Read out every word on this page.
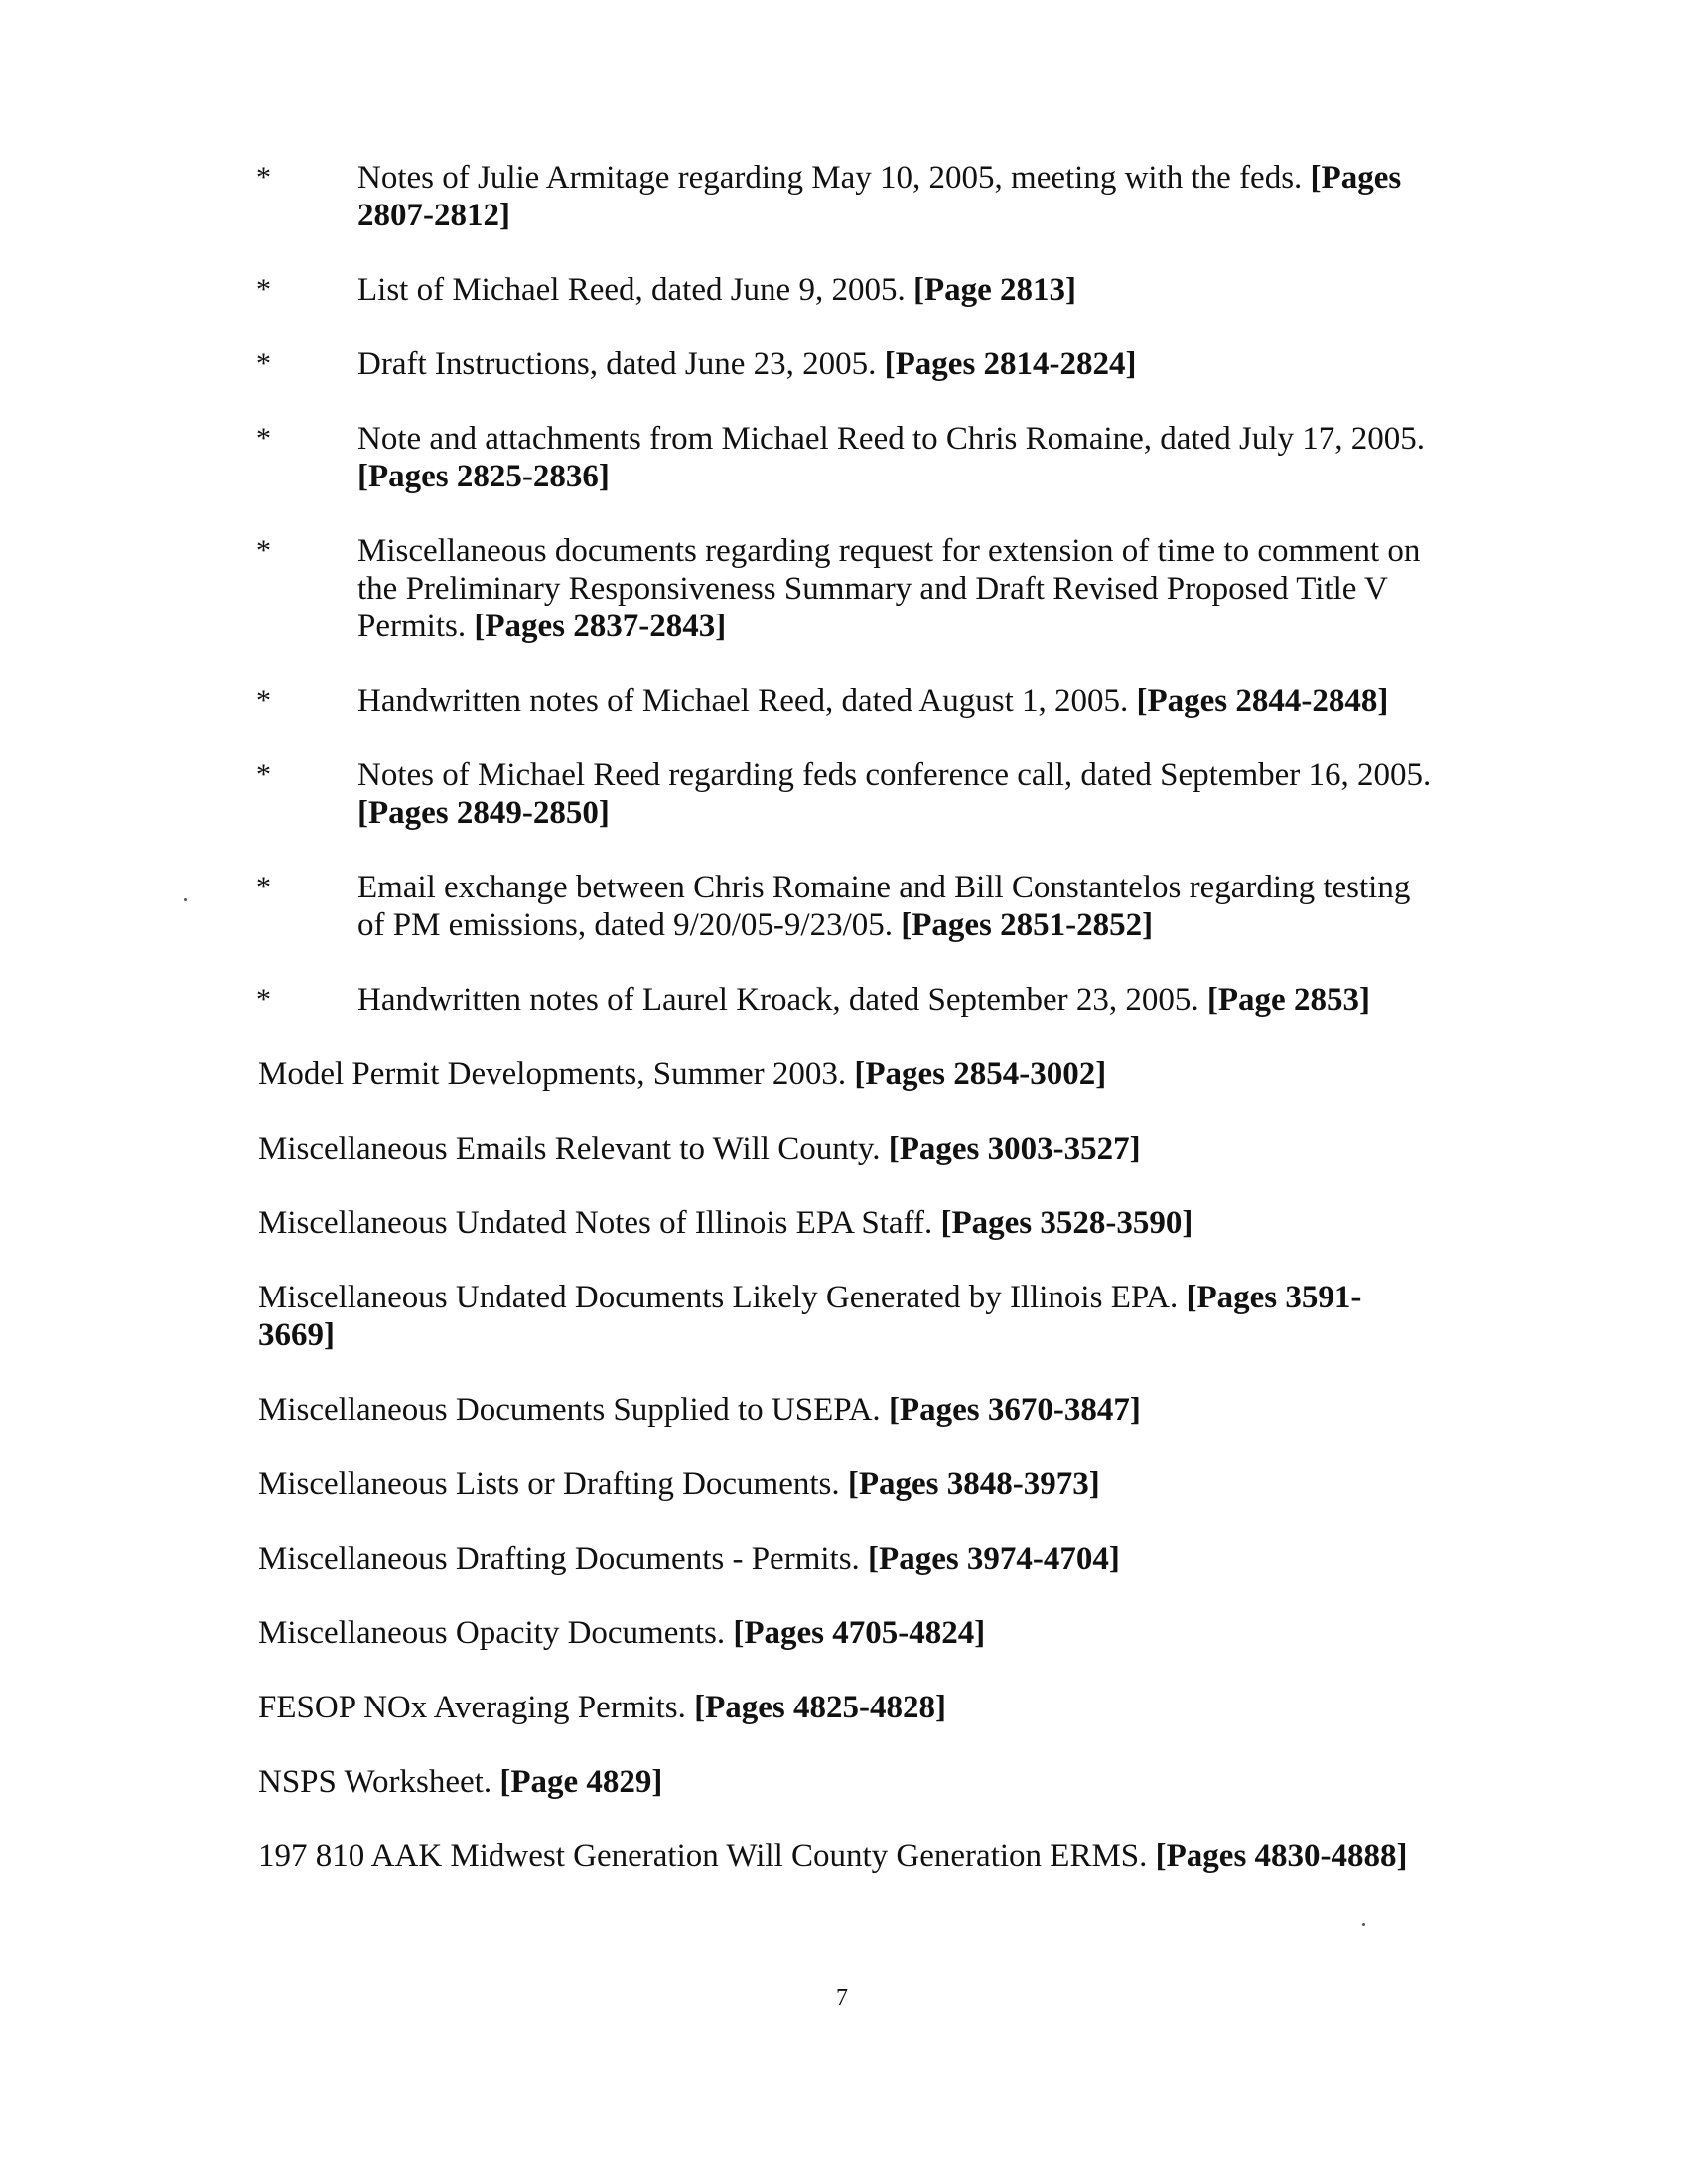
*	Notes of Julie Armitage regarding May 10, 2005, meeting with the feds. [Pages
2807-2812]
*	List of Michael Reed, dated June 9, 2005. [Page 2813]
*	Draft Instructions, dated June 23, 2005. [Pages 2814-2824]
*	Note and attachments from Michael Reed to Chris Romaine, dated July 17, 2005.
[Pages 2825-2836]
*	Miscellaneous documents regarding request for extension of time to comment on
the Preliminary Responsiveness Summary and Draft Revised Proposed Title V
Permits. [Pages 2837-2843]
*	Handwritten notes of Michael Reed, dated August 1, 2005. [Pages 2844-2848]
*	Notes of Michael Reed regarding feds conference call, dated September 16, 2005.
[Pages 2849-2850]
*	Email exchange between Chris Romaine and Bill Constantelos regarding testing
of PM emissions, dated 9/20/05-9/23/05. [Pages 2851-2852]
*	Handwritten notes of Laurel Kroack, dated September 23, 2005. [Page 2853]
Model Permit Developments, Summer 2003. [Pages 2854-3002]
Miscellaneous Emails Relevant to Will County. [Pages 3003-3527]
Miscellaneous Undated Notes of Illinois EPA Staff. [Pages 3528-3590]
Miscellaneous Undated Documents Likely Generated by Illinois EPA. [Pages 3591-
3669]
Miscellaneous Documents Supplied to USEPA. [Pages 3670-3847]
Miscellaneous Lists or Drafting Documents. [Pages 3848-3973]
Miscellaneous Drafting Documents - Permits. [Pages 3974-4704]
Miscellaneous Opacity Documents. [Pages 4705-4824]
FESOP NOx Averaging Permits. [Pages 4825-4828]
NSPS Worksheet. [Page 4829]
197 810 AAK Midwest Generation Will County Generation ERMS. [Pages 4830-4888]
7
